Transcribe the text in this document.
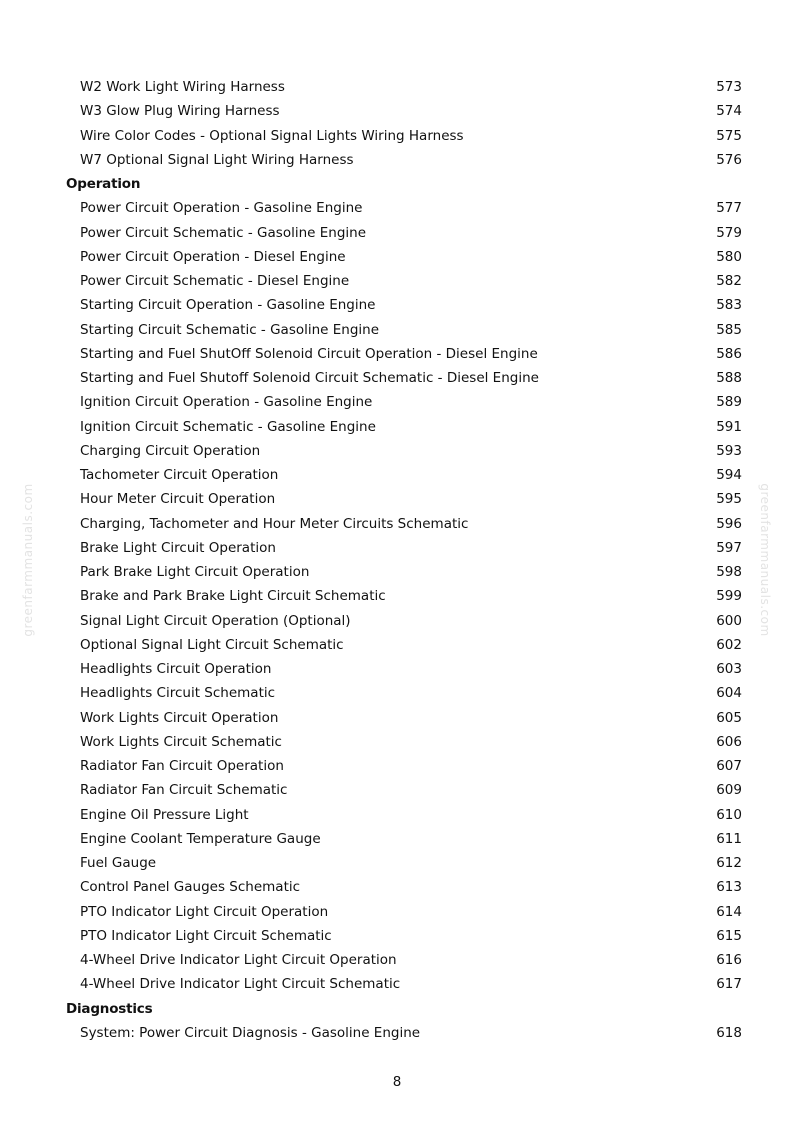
greenfarmmanuals.com	greenfarmmanuals.com
W2 Work Light Wiring Harness	573
W3 Glow Plug Wiring Harness	574
Wire Color Codes - Optional Signal Lights Wiring Harness	575
W7 Optional Signal Light Wiring Harness	576
Operation
Power Circuit Operation - Gasoline Engine	577
Power Circuit Schematic - Gasoline Engine	579
Power Circuit Operation - Diesel Engine	580
Power Circuit Schematic - Diesel Engine	582
Starting Circuit Operation - Gasoline Engine	583
Starting Circuit Schematic - Gasoline Engine	585
Starting and Fuel ShutOff Solenoid Circuit Operation - Diesel Engine	586
Starting and Fuel Shutoff Solenoid Circuit Schematic - Diesel Engine	588
Ignition Circuit Operation - Gasoline Engine	589
Ignition Circuit Schematic - Gasoline Engine	591
Charging Circuit Operation	593
Tachometer Circuit Operation	594
Hour Meter Circuit Operation	595
Charging, Tachometer and Hour Meter Circuits Schematic	596
Brake Light Circuit Operation	597
Park Brake Light Circuit Operation	598
Brake and Park Brake Light Circuit Schematic	599
Signal Light Circuit Operation (Optional)	600
Optional Signal Light Circuit Schematic	602
Headlights Circuit Operation	603
Headlights Circuit Schematic	604
Work Lights Circuit Operation	605
Work Lights Circuit Schematic	606
Radiator Fan Circuit Operation	607
Radiator Fan Circuit Schematic	609
Engine Oil Pressure Light	610
Engine Coolant Temperature Gauge	611
Fuel Gauge	612
Control Panel Gauges Schematic	613
PTO Indicator Light Circuit Operation	614
PTO Indicator Light Circuit Schematic	615
4-Wheel Drive Indicator Light Circuit Operation	616
4-Wheel Drive Indicator Light Circuit Schematic	617
Diagnostics
System: Power Circuit Diagnosis - Gasoline Engine	618
8
